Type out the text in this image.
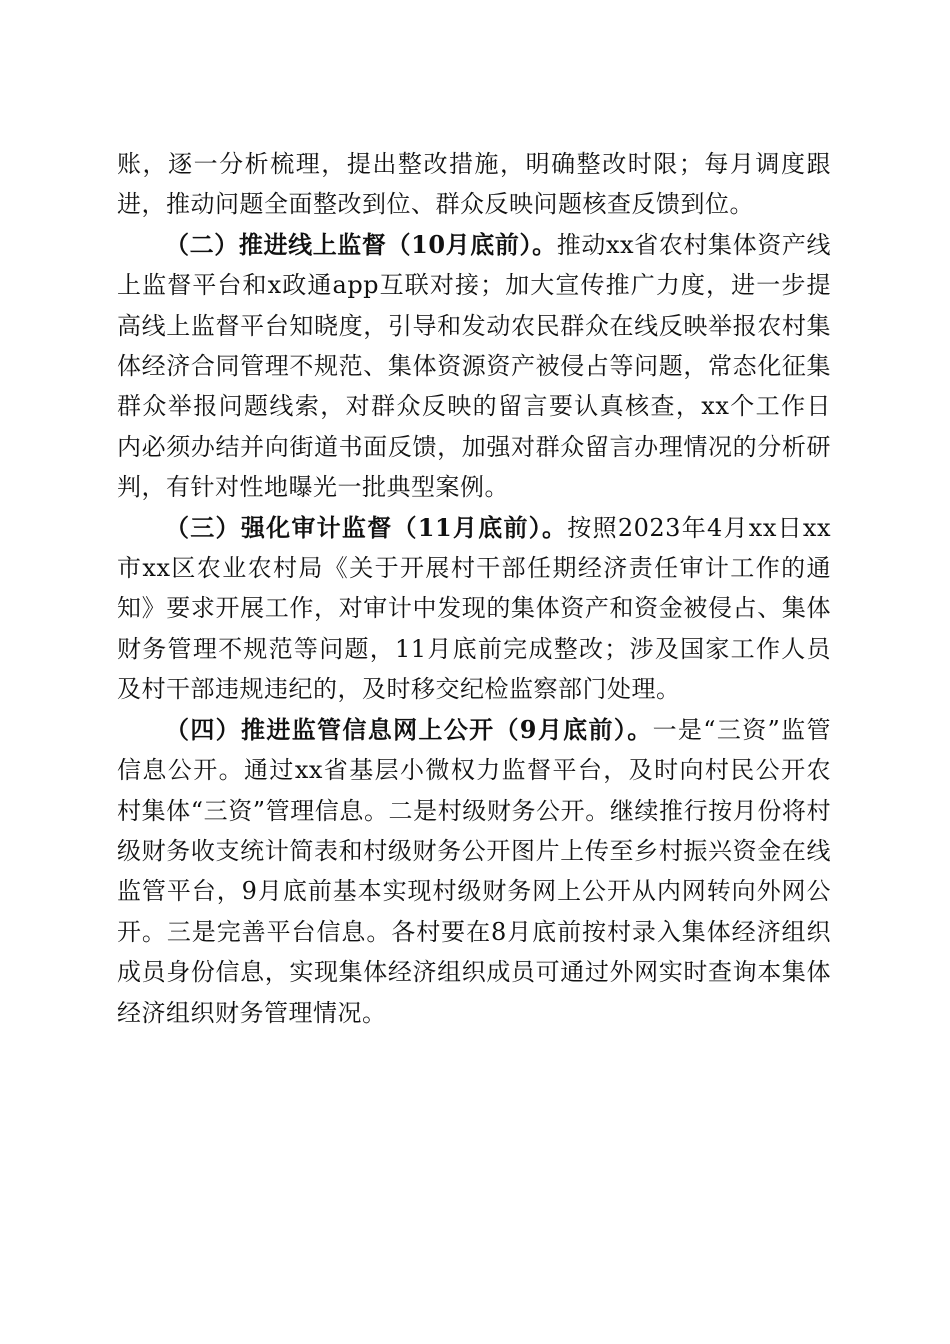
账，逐一分析梳理，提出整改措施，明确整改时限；每月调度跟进，推动问题全面整改到位、群众反映问题核查反馈到位。

（二）推进线上监督（10月底前）。推动xx省农村集体资产线上监督平台和x政通app互联对接；加大宣传推广力度，进一步提高线上监督平台知晓度，引导和发动农民群众在线反映举报农村集体经济合同管理不规范、集体资源资产被侵占等问题，常态化征集群众举报问题线索，对群众反映的留言要认真核查，xx个工作日内必须办结并向街道书面反馈，加强对群众留言办理情况的分析研判，有针对性地曝光一批典型案例。

（三）强化审计监督（11月底前）。按照2023年4月xx日xx市xx区农业农村局《关于开展村干部任期经济责任审计工作的通知》要求开展工作，对审计中发现的集体资产和资金被侵占、集体财务管理不规范等问题，11月底前完成整改；涉及国家工作人员及村干部违规违纪的，及时移交纪检监察部门处理。

（四）推进监管信息网上公开（9月底前）。一是“三资”监管信息公开。通过xx省基层小微权力监督平台，及时向村民公开农村集体“三资”管理信息。二是村级财务公开。继续推行按月份将村级财务收支统计简表和村级财务公开图片上传至乡村振兴资金在线监管平台，9月底前基本实现村级财务网上公开从内网转向外网公开。三是完善平台信息。各村要在8月底前按村录入集体经济组织成员身份信息，实现集体经济组织成员可通过外网实时查询本集体经济组织财务管理情况。
